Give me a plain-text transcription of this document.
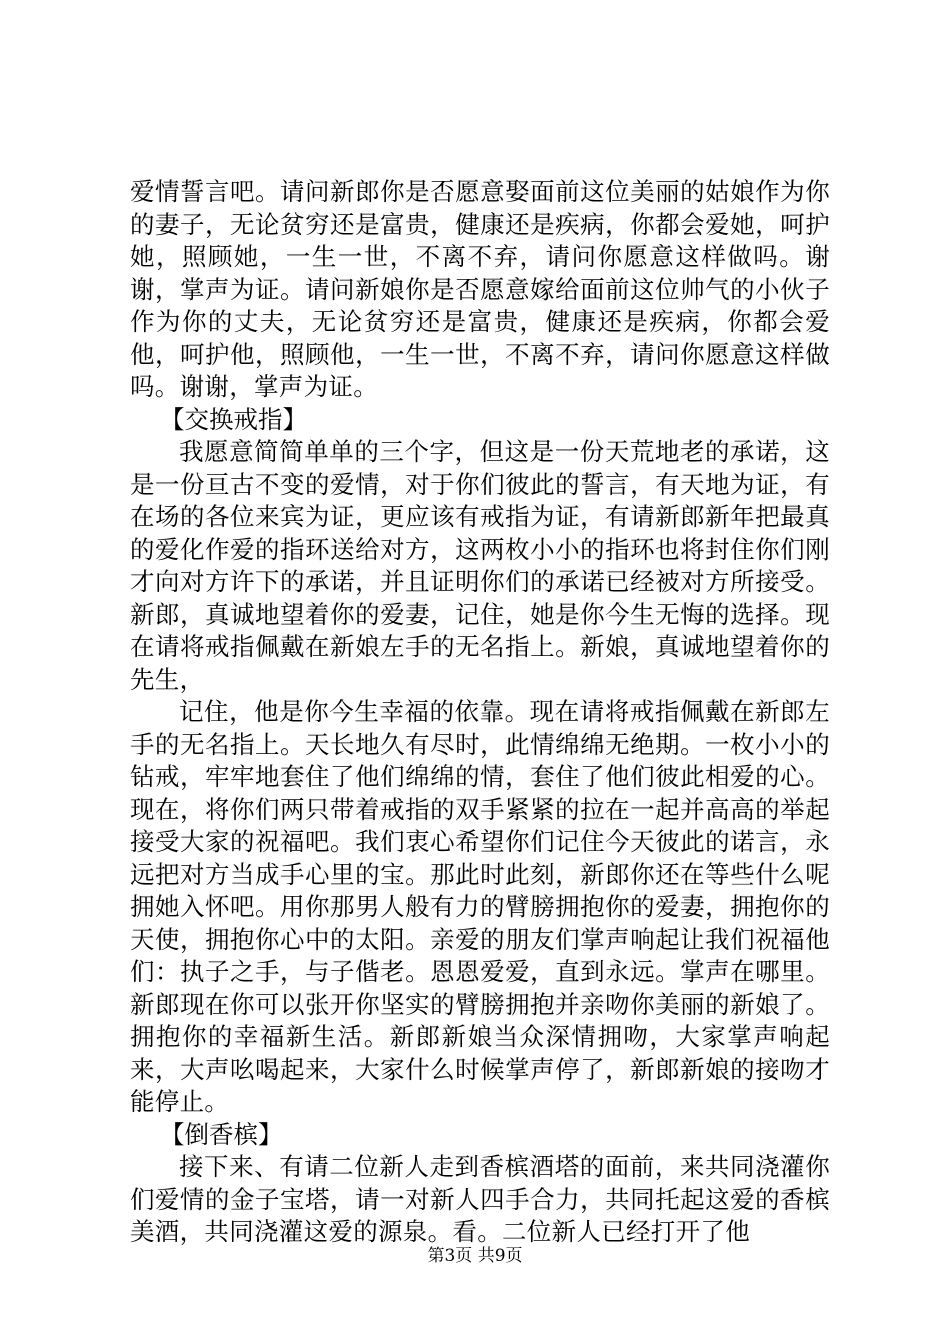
爱情誓言吧。请问新郎你是否愿意娶面前这位美丽的姑娘作为你的妻子，无论贫穷还是富贵，健康还是疾病，你都会爱她，呵护她，照顾她，一生一世，不离不弃，请问你愿意这样做吗。谢谢，掌声为证。请问新娘你是否愿意嫁给面前这位帅气的小伙子作为你的丈夫，无论贫穷还是富贵，健康还是疾病，你都会爱他，呵护他，照顾他，一生一世，不离不弃，请问你愿意这样做吗。谢谢，掌声为证。

【交换戒指】

我愿意简简单单的三个字，但这是一份天荒地老的承诺，这是一份亘古不变的爱情，对于你们彼此的誓言，有天地为证，有在场的各位来宾为证，更应该有戒指为证，有请新郎新年把最真的爱化作爱的指环送给对方，这两枚小小的指环也将封住你们刚才向对方许下的承诺，并且证明你们的承诺已经被对方所接受。新郎，真诚地望着你的爱妻，记住，她是你今生无悔的选择。现在请将戒指佩戴在新娘左手的无名指上。新娘，真诚地望着你的先生，

记住，他是你今生幸福的依靠。现在请将戒指佩戴在新郎左手的无名指上。天长地久有尽时，此情绵绵无绝期。一枚小小的钻戒，牢牢地套住了他们绵绵的情，套住了他们彼此相爱的心。现在，将你们两只带着戒指的双手紧紧的拉在一起并高高的举起接受大家的祝福吧。我们衷心希望你们记住今天彼此的诺言，永远把对方当成手心里的宝。那此时此刻，新郎你还在等些什么呢拥她入怀吧。用你那男人般有力的臂膀拥抱你的爱妻，拥抱你的天使，拥抱你心中的太阳。亲爱的朋友们掌声响起让我们祝福他们：执子之手，与子偕老。恩恩爱爱，直到永远。掌声在哪里。新郎现在你可以张开你坚实的臂膀拥抱并亲吻你美丽的新娘了。拥抱你的幸福新生活。新郎新娘当众深情拥吻，大家掌声响起来，大声吆喝起来，大家什么时候掌声停了，新郎新娘的接吻才能停止。

【倒香槟】

接下来、有请二位新人走到香槟酒塔的面前，来共同浇灌你们爱情的金子宝塔，请一对新人四手合力，共同托起这爱的香槟美酒，共同浇灌这爱的源泉。看。二位新人已经打开了他

第3页 共9页
